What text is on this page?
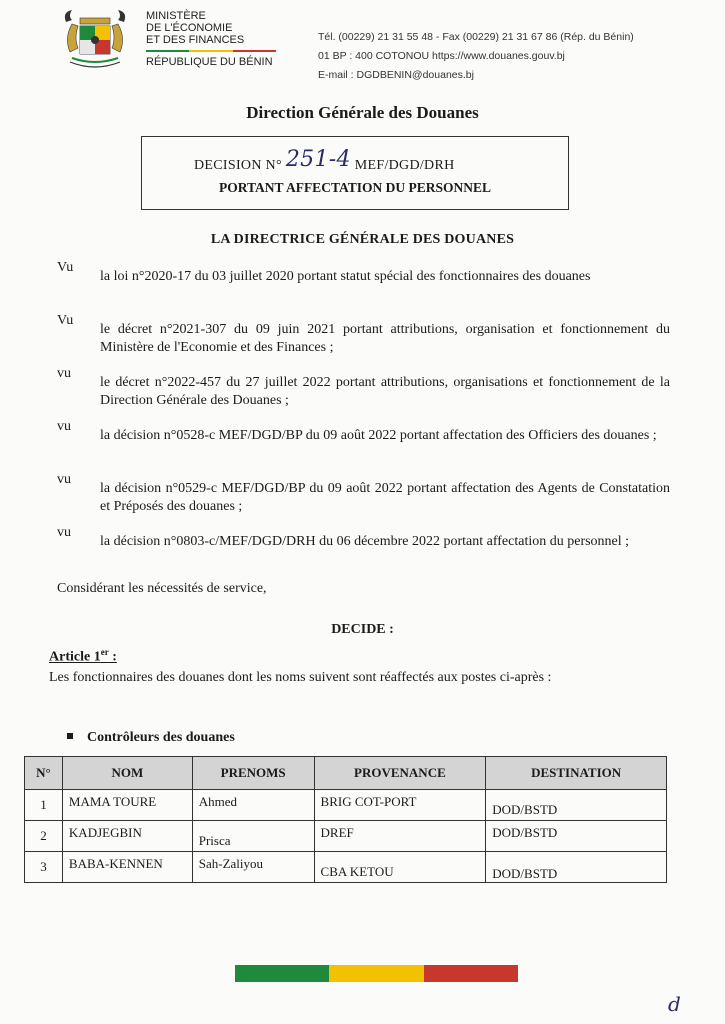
MINISTÈRE
DE L'ÉCONOMIE
ET DES FINANCES
RÉPUBLIQUE DU BÉNIN
Tél. (00229) 21 31 55 48 - Fax (00229) 21 31 67 86 (Rép. du Bénin)
01 BP : 400 COTONOU https://www.douanes.gouv.bj
E-mail : DGDBENIN@douanes.bj
Direction Générale des Douanes
DECISION N° 251-4 MEF/DGD/DRH
PORTANT AFFECTATION DU PERSONNEL
LA DIRECTRICE GÉNÉRALE DES DOUANES
Vu
la loi n°2020-17 du 03 juillet 2020 portant statut spécial des fonctionnaires des douanes
Vu
le décret n°2021-307 du 09 juin 2021 portant attributions, organisation et fonctionnement du Ministère de l'Economie et des Finances ;
vu
le décret n°2022-457 du 27 juillet 2022 portant attributions, organisations et fonctionnement de la Direction Générale des Douanes ;
vu
la décision n°0528-c MEF/DGD/BP du 09 août 2022 portant affectation des Officiers des douanes ;
vu
la décision n°0529-c MEF/DGD/BP du 09 août 2022 portant affectation des Agents de Constatation et Préposés des douanes ;
vu
la décision n°0803-c/MEF/DGD/DRH du 06 décembre 2022 portant affectation du personnel ;
Considérant les nécessités de service,
DECIDE :
Article 1er :
Les fonctionnaires des douanes dont les noms suivent sont réaffectés aux postes ci-après :
Contrôleurs des douanes
N°	NOM	PRENOMS	PROVENANCE	DESTINATION
1	MAMA TOURE	Ahmed	BRIG COT-PORT	DOD/BSTD
2	KADJEGBIN	Prisca	DREF	DOD/BSTD
3	BABA-KENNEN	Sah-Zaliyou	CBA KETOU	DOD/BSTD
d
